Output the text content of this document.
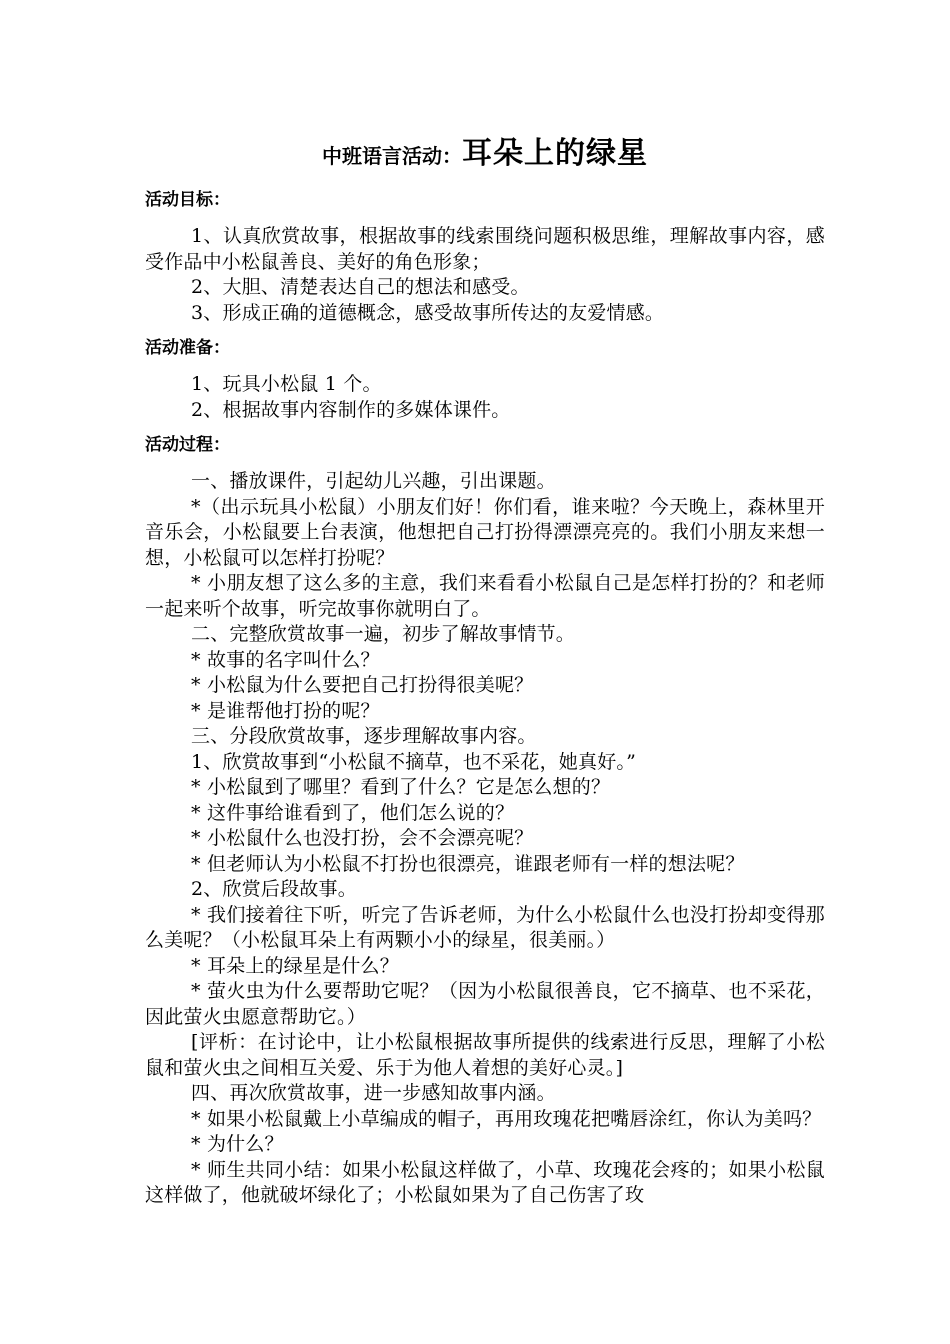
中班语言活动：耳朵上的绿星
活动目标：

1、认真欣赏故事，根据故事的线索围绕问题积极思维，理解故事内容，感受作品中小松鼠善良、美好的角色形象；

2、大胆、清楚表达自己的想法和感受。

3、形成正确的道德概念，感受故事所传达的友爱情感。

活动准备：

1、玩具小松鼠 1 个。

2、根据故事内容制作的多媒体课件。

活动过程：

一、播放课件，引起幼儿兴趣，引出课题。

*（出示玩具小松鼠）小朋友们好！你们看，谁来啦？今天晚上，森林里开音乐会，小松鼠要上台表演，他想把自己打扮得漂漂亮亮的。我们小朋友来想一想，小松鼠可以怎样打扮呢？

* 小朋友想了这么多的主意，我们来看看小松鼠自己是怎样打扮的？和老师一起来听个故事，听完故事你就明白了。

二、完整欣赏故事一遍，初步了解故事情节。

* 故事的名字叫什么？

* 小松鼠为什么要把自己打扮得很美呢？

* 是谁帮他打扮的呢？

三、分段欣赏故事，逐步理解故事内容。

1、欣赏故事到“小松鼠不摘草，也不采花，她真好。”

* 小松鼠到了哪里？看到了什么？它是怎么想的？

* 这件事给谁看到了，他们怎么说的？

* 小松鼠什么也没打扮，会不会漂亮呢？

* 但老师认为小松鼠不打扮也很漂亮，谁跟老师有一样的想法呢？

2、欣赏后段故事。

* 我们接着往下听，听完了告诉老师，为什么小松鼠什么也没打扮却变得那么美呢？（小松鼠耳朵上有两颗小小的绿星，很美丽。）

* 耳朵上的绿星是什么？

* 萤火虫为什么要帮助它呢？（因为小松鼠很善良，它不摘草、也不采花，因此萤火虫愿意帮助它。）

[评析：在讨论中，让小松鼠根据故事所提供的线索进行反思，理解了小松鼠和萤火虫之间相互关爱、乐于为他人着想的美好心灵。]

四、再次欣赏故事，进一步感知故事内涵。

* 如果小松鼠戴上小草编成的帽子，再用玫瑰花把嘴唇涂红，你认为美吗？

* 为什么？

* 师生共同小结：如果小松鼠这样做了，小草、玫瑰花会疼的；如果小松鼠这样做了，他就破坏绿化了；小松鼠如果为了自己伤害了玫
